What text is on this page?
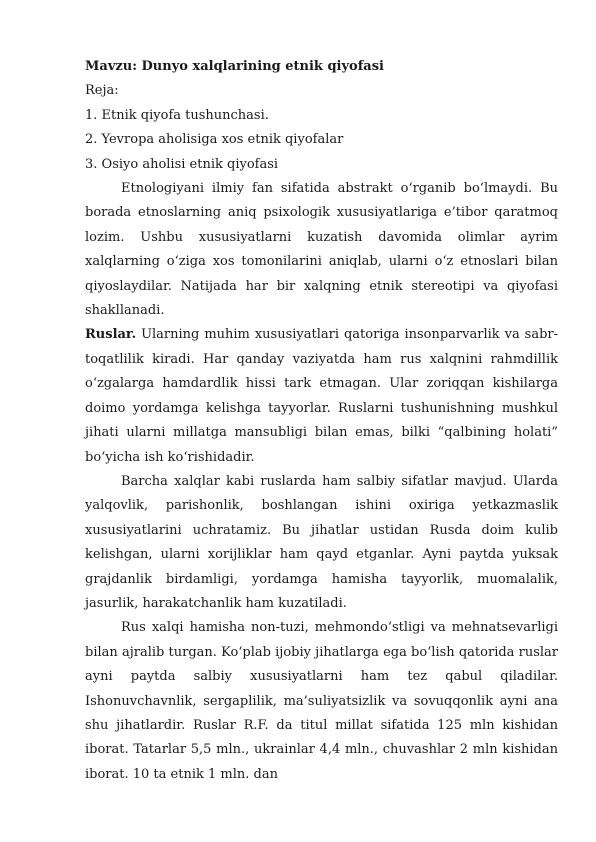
Mavzu: Dunyo xalqlarining etnik qiyofasi

Reja:

1. Etnik qiyofa tushunchasi.

2. Yevropa aholisiga xos etnik qiyofalar

3. Osiyo aholisi etnik qiyofasi

Etnologiyani ilmiy fan sifatida abstrakt o‘rganib bo‘lmaydi. Bu borada etnoslarning aniq psixologik xususiyatlariga e’tibor qaratmoq lozim. Ushbu xususiyatlarni kuzatish davomida olimlar ayrim xalqlarning o‘ziga xos tomonilarini aniqlab, ularni o‘z etnoslari bilan qiyoslaydilar. Natijada har bir xalqning etnik stereotipi va qiyofasi shakllanadi.

Ruslar. Ularning muhim xususiyatlari qatoriga insonparvarlik va sabr-toqatlilik kiradi. Har qanday vaziyatda ham rus xalqnini rahmdillik o‘zgalarga hamdardlik hissi tark etmagan. Ular zoriqqan kishilarga doimo yordamga kelishga tayyorlar. Ruslarni tushunishning mushkul jihati ularni millatga mansubligi bilan emas, bilki “qalbining holati” bo‘yicha ish ko‘rishidadir.

Barcha xalqlar kabi ruslarda ham salbiy sifatlar mavjud. Ularda yalqovlik, parishonlik, boshlangan ishini oxiriga yetkazmaslik xususiyatlarini uchratamiz. Bu jihatlar ustidan Rusda doim kulib kelishgan, ularni xorijliklar ham qayd etganlar. Ayni paytda yuksak grajdanlik birdamligi, yordamga hamisha tayyorlik, muomalalik, jasurlik, harakatchanlik ham kuzatiladi.

Rus xalqi hamisha non-tuzi, mehmondo‘stligi va mehnatsevarligi bilan ajralib turgan. Ko‘plab ijobiy jihatlarga ega bo‘lish qatorida ruslar ayni paytda salbiy xususiyatlarni ham tez qabul qiladilar. Ishonuvchavnlik, sergaplilik, ma’suliyatsizlik va sovuqqonlik ayni ana shu jihatlardir. Ruslar R.F. da titul millat sifatida 125 mln kishidan iborat. Tatarlar 5,5 mln., ukrainlar 4,4 mln., chuvashlar 2 mln kishidan iborat. 10 ta etnik 1 mln. dan
